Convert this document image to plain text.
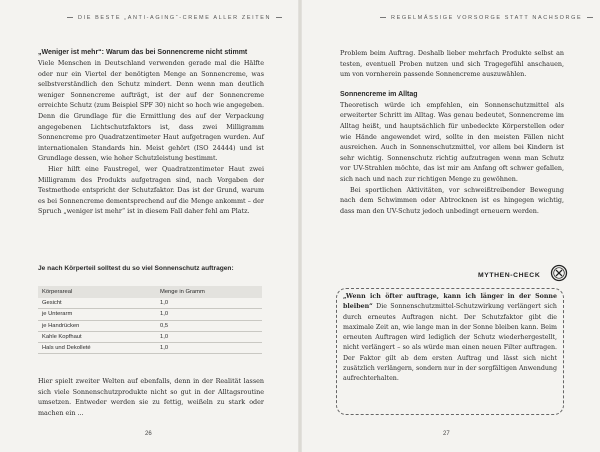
DIE BESTE „ANTI-AGING“-CREME ALLER ZEITEN
„Weniger ist mehr“: Warum das bei Sonnencreme nicht stimmt

Viele Menschen in Deutschland verwenden gerade mal die Hälfte oder nur ein Viertel der benötigten Menge an Sonnencreme, was selbstverständlich den Schutz mindert. Denn wenn man deutlich weniger Sonnencreme aufträgt, ist der auf der Sonnencreme erreichte Schutz (zum Beispiel SPF 30) nicht so hoch wie angegeben. Denn die Grundlage für die Ermittlung des auf der Verpackung angegebenen Lichtschutzfaktors ist, dass zwei Milligramm Sonnencreme pro Quadratzentimeter Haut aufgetragen wurden. Auf internationalen Standards hin. Meist gehört (ISO 24444) und ist Grundlage dessen, wie hoher Schutzleistung bestimmt.

Hier hilft eine Faustregel, wer Quadratzentimeter Haut zwei Milligramm des Produkts aufgetragen sind, nach Vorgaben der Testmethode entspricht der Schutzfaktor. Das ist der Grund, warum es bei Sonnencreme dementsprechend auf die Menge ankommt – der Spruch „weniger ist mehr“ ist in diesem Fall daher fehl am Platz.

Je nach Körperteil solltest du so viel Sonnenschutz auftragen:
Körperareal	Menge in Gramm
Gesicht	1,0
je Unterarm	1,0
je Handrücken	0,5
Kahle Kopfhaut	1,0
Hals und Dekolleté	1,0
Hier spielt zweiter Welten auf ebenfalls, denn in der Realität lassen sich viele Sonnenschutzprodukte nicht so gut in der Alltagsroutine umsetzen. Entweder werden sie zu fettig, weißeln zu stark oder machen ein ...
26
REGELMÄSSIGE VORSORGE STATT NACHSORGE

Problem beim Auftrag. Deshalb lieber mehrfach Produkte selbst an testen, eventuell Proben nutzen und sich Tragegefühl anschauen, um von vornherein passende Sonnencreme auszuwählen.

Sonnencreme im Alltag

Theoretisch würde ich empfehlen, ein Sonnenschutzmittel als erweiterter Schritt im Alltag. Was genau bedeutet, Sonnencreme im Alltag heißt, und hauptsächlich für unbedeckte Körperstellen oder wie Hände angewendet wird, sollte in den meisten Fällen nicht ausreichen. Auch in Sonnenschutzmittel, vor allem bei Kindern ist sehr wichtig. Sonnenschutz richtig aufzutragen wenn man Schutz vor UV-Strahlen möchte, das ist mir am Anfang oft schwer gefallen, sich nach und nach zur richtigen Menge zu gewöhnen.

Bei sportlichen Aktivitäten, vor schweißtreibender Bewegung nach dem Schwimmen oder Abtrocknen ist es hingegen wichtig, dass man den UV-Schutz jedoch unbedingt erneuern werden.

MYTHEN-CHECK
„Wenn ich öfter auftrage, kann ich länger in der Sonne bleiben“ Die Sonnenschutzmittel-Schutzwirkung verlängert sich durch erneutes Auftragen nicht. Der Schutzfaktor gibt die maximale Zeit an, wie lange man in der Sonne bleiben kann. Beim erneuten Auftragen wird lediglich der Schutz wiederhergestellt, nicht verlängert – so als würde man einen neuen Filter auftragen. Der Faktor gilt ab dem ersten Auftrag und lässt sich nicht zusätzlich verlängern, sondern nur in der sorgfältigen Anwendung aufrechterhalten.
27
